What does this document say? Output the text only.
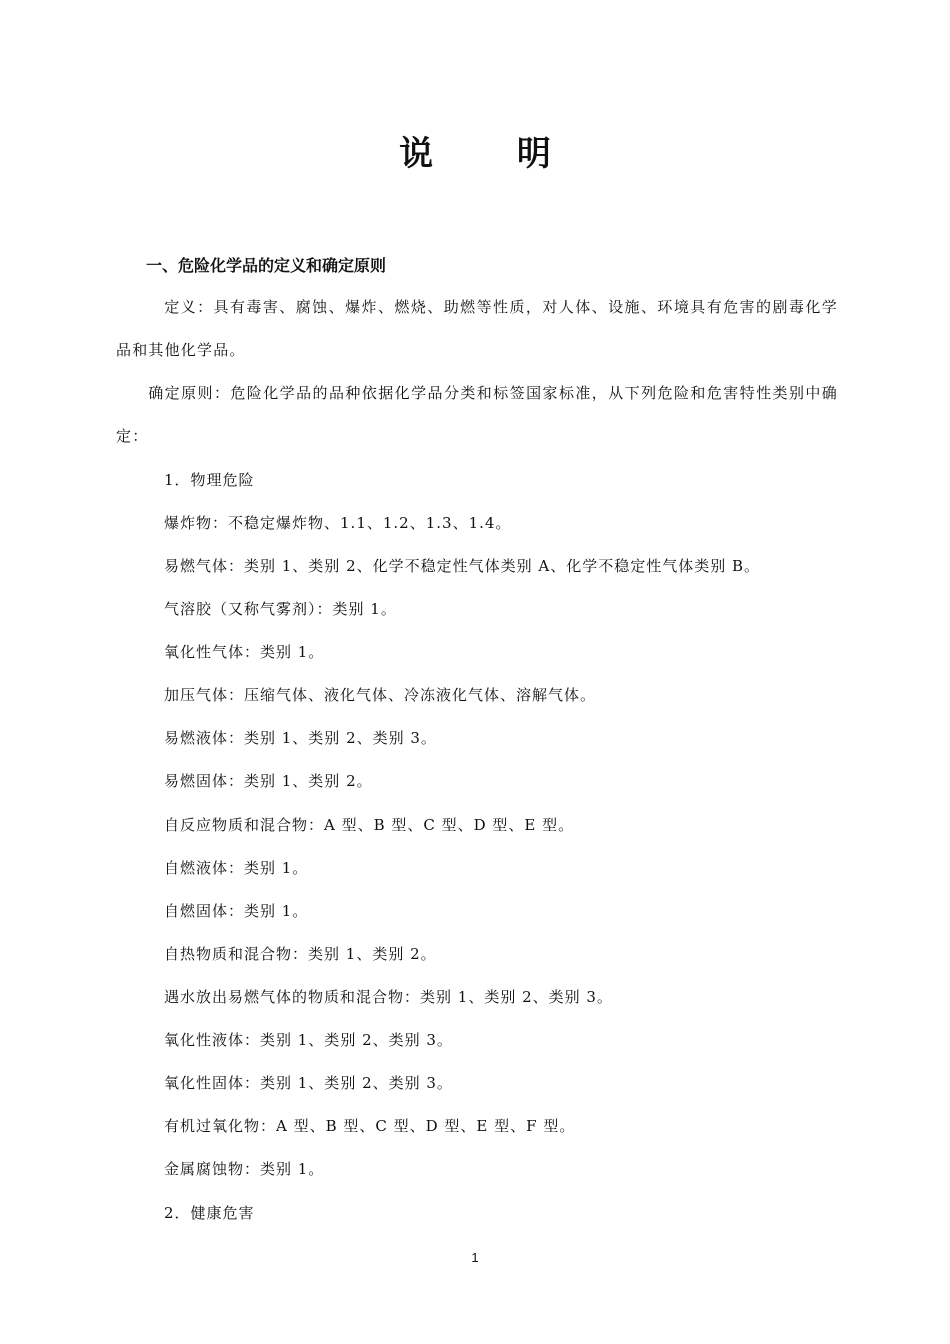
说 明
一、危险化学品的定义和确定原则

定义：具有毒害、腐蚀、爆炸、燃烧、助燃等性质，对人体、设施、环境具有危害的剧毒化学品和其他化学品。

确定原则：危险化学品的品种依据化学品分类和标签国家标准，从下列危险和危害特性类别中确定：

1．物理危险
爆炸物：不稳定爆炸物、1.1、1.2、1.3、1.4。
易燃气体：类别 1、类别 2、化学不稳定性气体类别 A、化学不稳定性气体类别 B。
气溶胶（又称气雾剂）：类别 1。
氧化性气体：类别 1。
加压气体：压缩气体、液化气体、冷冻液化气体、溶解气体。
易燃液体：类别 1、类别 2、类别 3。
易燃固体：类别 1、类别 2。
自反应物质和混合物：A 型、B 型、C 型、D 型、E 型。
自燃液体：类别 1。
自燃固体：类别 1。
自热物质和混合物：类别 1、类别 2。
遇水放出易燃气体的物质和混合物：类别 1、类别 2、类别 3。
氧化性液体：类别 1、类别 2、类别 3。
氧化性固体：类别 1、类别 2、类别 3。
有机过氧化物：A 型、B 型、C 型、D 型、E 型、F 型。
金属腐蚀物：类别 1。
2．健康危害
1
